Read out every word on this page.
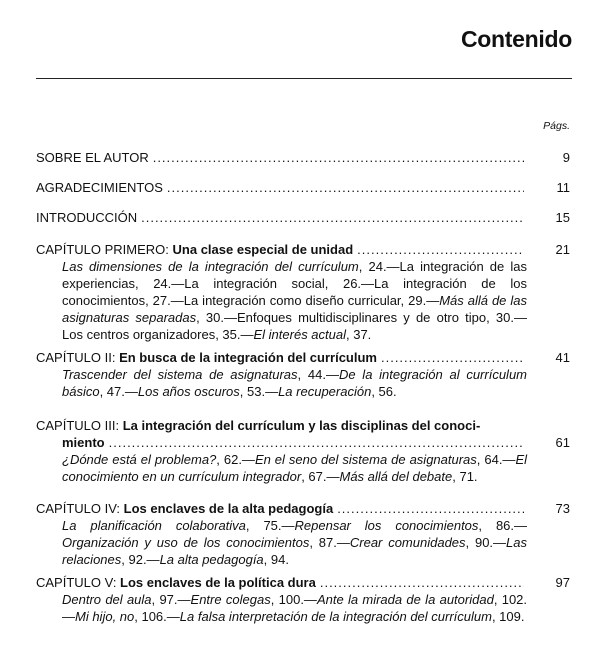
Contenido
Págs.
SOBRE EL AUTOR .....	9
AGRADECIMIENTOS .....	11
INTRODUCCIÓN .....	15
CAPÍTULO PRIMERO: Una clase especial de unidad .....	21
Las dimensiones de la integración del currículum, 24.—La integración de las experiencias, 24.—La integración social, 26.—La integración de los conocimientos, 27.—La integración como diseño curricular, 29.—Más allá de las asignaturas separadas, 30.—Enfoques multidisciplinares y de otro tipo, 30.—Los centros organizadores, 35.—El interés actual, 37.
CAPÍTULO II: En busca de la integración del currículum .....	41
Trascender del sistema de asignaturas, 44.—De la integración al currículum básico, 47.—Los años oscuros, 53.—La recuperación, 56.
CAPÍTULO III: La integración del currículum y las disciplinas del conoci-
miento .....	61
¿Dónde está el problema?, 62.—En el seno del sistema de asignaturas, 64.—El conocimiento en un currículum integrador, 67.—Más allá del debate, 71.
CAPÍTULO IV: Los enclaves de la alta pedagogía .....	73
La planificación colaborativa, 75.—Repensar los conocimientos, 86.—Organización y uso de los conocimientos, 87.—Crear comunidades, 90.—Las relaciones, 92.—La alta pedagogía, 94.
CAPÍTULO V: Los enclaves de la política dura .....	97
Dentro del aula, 97.—Entre colegas, 100.—Ante la mirada de la autoridad, 102.—Mi hijo, no, 106.—La falsa interpretación de la integración del currículum, 109.
